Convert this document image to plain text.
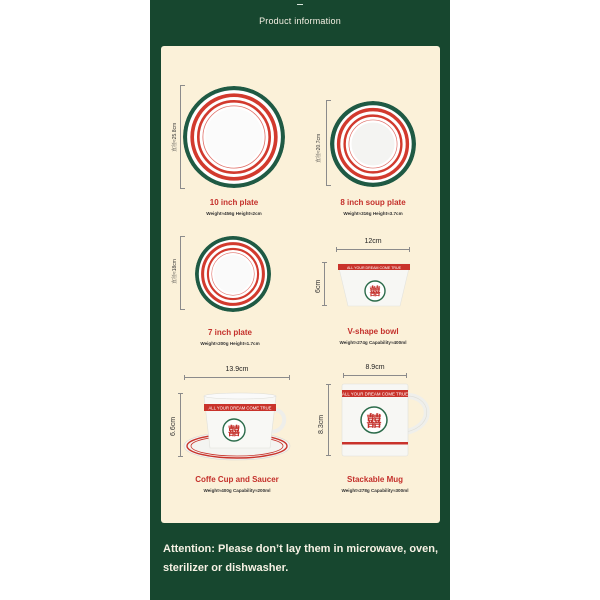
Product information
直径≈25.8cm
10 inch plate
Weight≈456g Height≈2cm
直径≈20.7cm
8 inch soup plate
Weight≈316g Height≈3.7cm
直径≈18cm
7 inch plate
Weight≈200g Height≈1.7cm
12cm
6cm
ALL YOUR DREAM COME TRUE
囍
V-shape bowl
Weight≈274g Capability≈400ml
13.9cm
6.6cm
ALL YOUR DREAM COME TRUE
囍
Coffe Cup and Saucer
Weight≈400g Capability≈200ml
8.9cm
8.3cm
ALL YOUR DREAM COME TRUE
囍
Stackable Mug
Weight≈278g Capability≈300ml
Attention: Please don’t lay them in microwave, oven, sterilizer or dishwasher.
